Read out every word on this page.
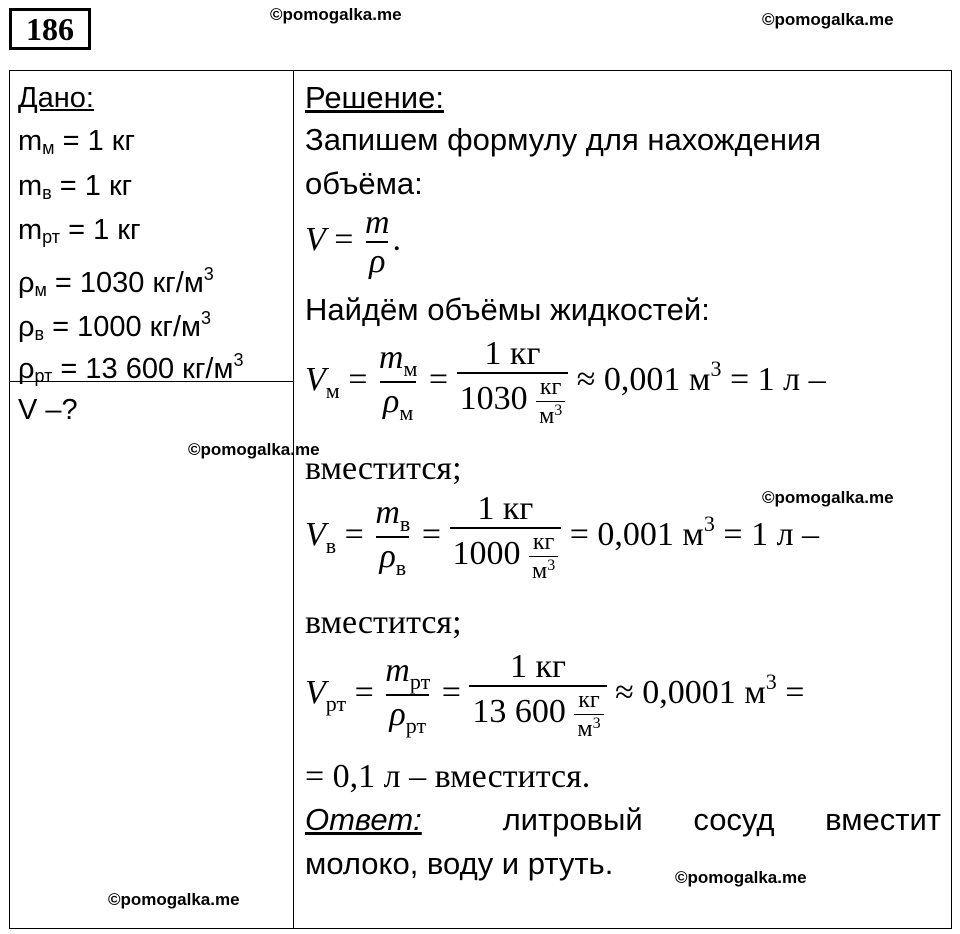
186	©pomogalka.me	©pomogalka.me
Дано:
$m_м = 1$ кг
$m_в = 1$ кг
$m_{рт} = 1$ кг
$\rho_м = 1030$ $кг/м^3$
$\rho_в = 1000$ $кг/м^3$
$\rho_{рт} = 13$ 600 $кг/м^3$
V –?
©pomogalka.me
©pomogalka.me
Решение:
Запишем формулу для нахождения
объёма:
$V = \frac{m}{\rho}$ .
Найдём объёмы жидкостей:
$V_м = \frac{m_м}{\rho_м} = \frac{1 кг}{1030 \frac{кг}{м^3}} \approx 0,001$ $м^3 = 1$ л –
вместится;
©pomogalka.me
$V_в = \frac{m_в}{\rho_в} = \frac{1 кг}{1000 \frac{кг}{м^3}} = 0,001$ $м^3 = 1$ л –
вместится;
$V_{рт} = \frac{m_{рт}}{\rho_{рт}} = \frac{1 кг}{13 600 \frac{кг}{м^3}} \approx 0,0001$ $м^3$ =
= 0,1 л – вместится.
Ответ:	литровый сосуд вместит
молоко, воду и ртуть.	©pomogalka.me
